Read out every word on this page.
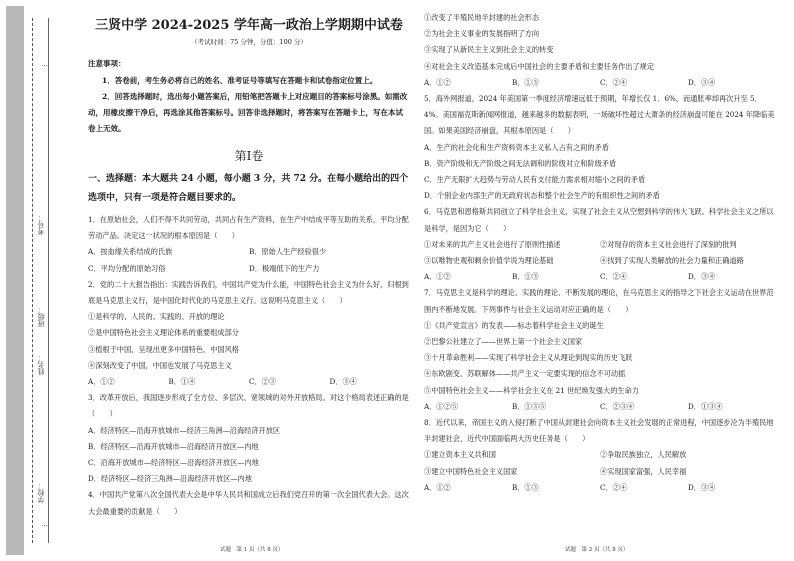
学校：
姓名：
班级：
考号：
…
…
三贤中学 2024-2025 学年高一政治上学期期中试卷
（考试时间：75 分钟，分值：100 分）
注意事项：

1．答卷前，考生务必将自己的姓名、准考证号等填写在答题卡和试卷指定位置上。

2．回答选择题时，选出每小题答案后，用铅笔把答题卡上对应题目的答案标号涂黑。如需改动，用橡皮擦干净后，再选涂其他答案标号。回答非选择题时，将答案写在答题卡上，写在本试卷上无效。

第Ⅰ卷

一、选择题：本大题共 24 小题，每小题 3 分，共 72 分。在每小题给出的四个选项中，只有一项是符合题目要求的。

1．在原始社会，人们不得不共同劳动，共同占有生产资料，在生产中结成平等互助的关系，平均分配劳动产品。决定这一状况的根本原因是（　　）

A．按血缘关系结成的氏族	B．原始人生产经验很少
C．平均分配的原始习俗	D．极端低下的生产力

2．党的二十大报告指出：实践告诉我们，中国共产党为什么能，中国特色社会主义为什么好，归根到底是马克思主义行，是中国化时代化的马克思主义行。这说明马克思主义（　　）

①是科学的、人民的、实践的、开放的理论

②是中国特色社会主义理论体系的重要组成部分

③植根于中国，呈现出更多中国特色、中国风格

④深刻改变了中国，中国也发展了马克思主义

A．①②	B．①④	C．②③	D．③④

3．改革开放后，我国逐步形成了全方位、多层次、宽领域的对外开放格局。对这个格局表述正确的是（　　）

A．经济特区—沿海开放城市—经济三角洲—沿海经济开放区

B．经济特区—沿海开放城市—沿海经济开放区—内地

C．沿海开放城市—经济特区—沿海经济开放区—内地

D．经济特区—经济三角洲—沿海经济开放区—内地

4．中国共产党第八次全国代表大会是中华人民共和国成立后我们党召开的第一次全国代表大会。这次大会最重要的贡献是（　　）

①改变了半殖民地半封建的社会形态

②为社会主义事业的发展指明了方向

③实现了从新民主主义到社会主义的转变

④对社会主义改造基本完成后中国社会的主要矛盾和主要任务作出了规定

A．①②	B．①③	C．②④	D．③④

5．海外网报道，2024 年美国第一季度经济增速远低于预期，年增长仅 1．6%，而通胀率却再次升至 5．4%。美国福克斯新闻网报道，越来越多的数据表明，一场破坏性超过大萧条的经济崩盘可能在 2024 年降临美国。如果美国经济崩盘，其根本原因是（　　）

A．生产的社会化和生产资料资本主义私人占有之间的矛盾

B．资产阶级和无产阶级之间无法调和的阶级对立和阶级矛盾

C．生产无限扩大趋势与劳动人民有支付能力需求相对缩小之间的矛盾

D．个别企业内部生产的无政府状态和整个社会生产的有组织性之间的矛盾

6．马克思和恩格斯共同创立了科学社会主义，实现了社会主义从空想到科学的伟大飞跃。科学社会主义之所以是科学，是因为它（　　）

①对未来的共产主义社会进行了原则性描述	②对现存的资本主义社会进行了深刻的批判
③以唯物史观和剩余价值学说为理论基础	④找到了实现人类解放的社会力量和正确道路
A．①②	B．①③	C．②④	D．③④

7．马克思主义是科学的理论、实践的理论、不断发展的理论，在马克思主义的指导之下社会主义运动在世界范围内不断地发展。下列事件与社会主义运动对应正确的是（　　）

①《共产党宣言》的发表——标志着科学社会主义的诞生

②巴黎公社建立了——世界上第一个社会主义国家

③十月革命胜利——实现了科学社会主义从理论到现实的历史飞跃

④东欧剧变、苏联解体——共产主义一定要实现的信念不可动摇

⑤中国特色社会主义——科学社会主义在 21 世纪焕发强大的生命力

A．①②⑤	B．①③⑤	C．②③④	D．①③④

8．近代以来，帝国主义的入侵打断了中国从封建社会向资本主义社会发展的正常进程，中国逐步沦为半殖民地半封建社会，近代中国面临两大历史任务是（　　）

①建立资本主义共和国	②争取民族独立，人民解放
③建立中国特色社会主义国家	④实现国家富强，人民幸福
A．①②	B．①③	C．②④	D．③④
试题　第 1 页（共 8 页）	试题　第 2 页（共 8 页）
